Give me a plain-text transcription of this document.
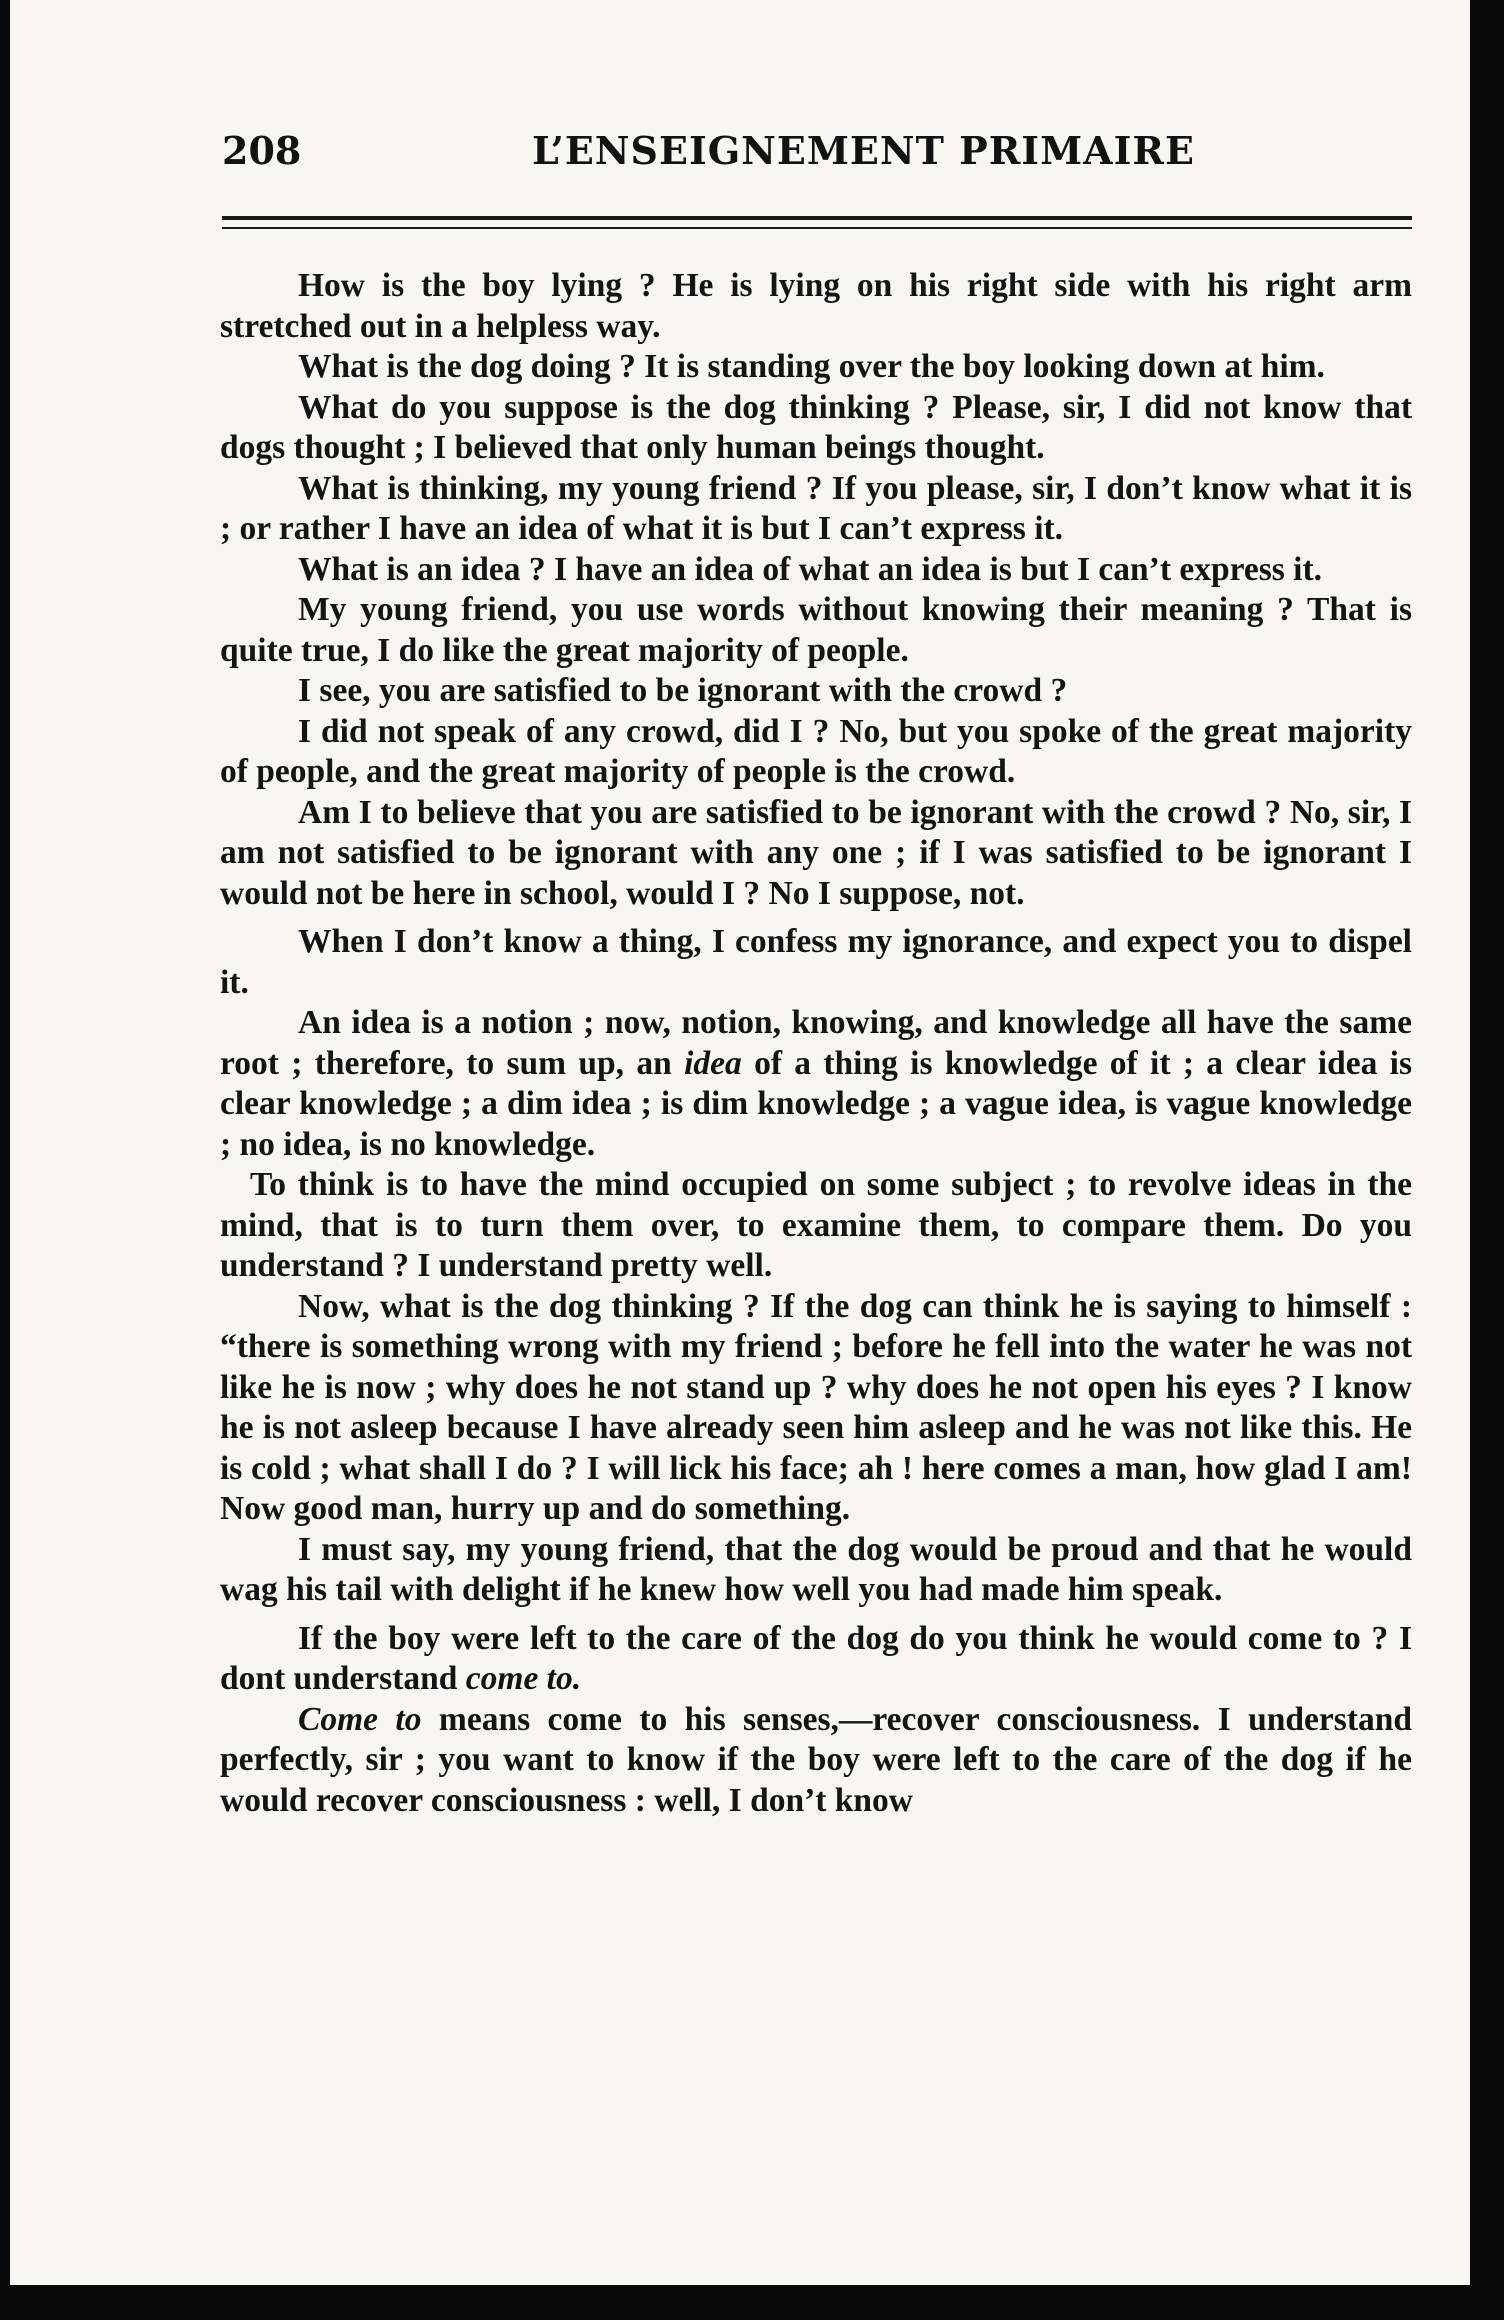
208	L’ENSEIGNEMENT PRIMAIRE

How is the boy lying ? He is lying on his right side with his right arm stretched out in a helpless way.

What is the dog doing ? It is standing over the boy looking down at him.

What do you suppose is the dog thinking ? Please, sir, I did not know that dogs thought ; I believed that only human beings thought.

What is thinking, my young friend ? If you please, sir, I don’t know what it is ; or rather I have an idea of what it is but I can’t express it.

What is an idea ? I have an idea of what an idea is but I can’t express it.

My young friend, you use words without knowing their meaning ? That is quite true, I do like the great majority of people.

I see, you are satisfied to be ignorant with the crowd ?

I did not speak of any crowd, did I ? No, but you spoke of the great majority of people, and the great majority of people is the crowd.

Am I to believe that you are satisfied to be ignorant with the crowd ? No, sir, I am not satisfied to be ignorant with any one ; if I was satisfied to be ignorant I would not be here in school, would I ? No I suppose, not.

When I don’t know a thing, I confess my ignorance, and expect you to dispel it.

An idea is a notion ; now, notion, knowing, and knowledge all have the same root ; therefore, to sum up, an idea of a thing is knowledge of it ; a clear idea is clear knowledge ; a dim idea ; is dim knowledge ; a vague idea, is vague knowledge ; no idea, is no knowledge.

To think is to have the mind occupied on some subject ; to revolve ideas in the mind, that is to turn them over, to examine them, to compare them. Do you understand ? I understand pretty well.

Now, what is the dog thinking ? If the dog can think he is saying to himself : “there is something wrong with my friend ; before he fell into the water he was not like he is now ; why does he not stand up ? why does he not open his eyes ? I know he is not asleep because I have already seen him asleep and he was not like this. He is cold ; what shall I do ? I will lick his face; ah ! here comes a man, how glad I am! Now good man, hurry up and do something.

I must say, my young friend, that the dog would be proud and that he would wag his tail with delight if he knew how well you had made him speak.

If the boy were left to the care of the dog do you think he would come to ? I dont understand come to.

Come to means come to his senses,—recover consciousness. I understand perfectly, sir ; you want to know if the boy were left to the care of the dog if he would recover consciousness : well, I don’t know
